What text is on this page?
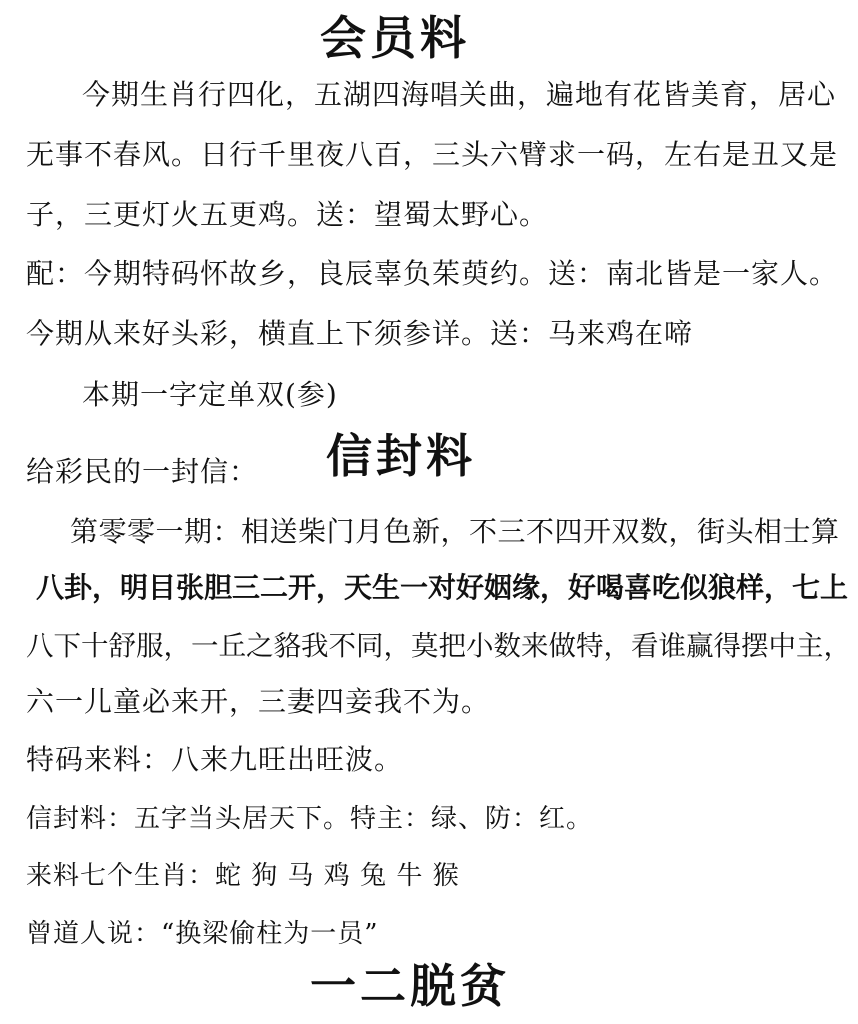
会员料
今期生肖行四化，五湖四海唱关曲，遍地有花皆美育，居心
无事不春风。日行千里夜八百，三头六臂求一码，左右是丑又是
子，三更灯火五更鸡。送：望蜀太野心。
配：今期特码怀故乡，良辰辜负茱萸约。送：南北皆是一家人。
今期从来好头彩，横直上下须参详。送：马来鸡在啼
本期一字定单双(参)
给彩民的一封信： 信封料
第零零一期：相送柴门月色新，不三不四开双数，街头相士算
八卦，明目张胆三二开，天生一对好姻缘，好喝喜吃似狼样，七上
八下十舒服，一丘之貉我不同，莫把小数来做特，看谁赢得摆中主，
六一儿童必来开，三妻四妾我不为。
特码来料：八来九旺出旺波。
信封料：五字当头居天下。特主：绿、防：红。
来料七个生肖：蛇 狗 马 鸡 兔 牛 猴
曾道人说：“换梁偷柱为一员”
一二脱贫
